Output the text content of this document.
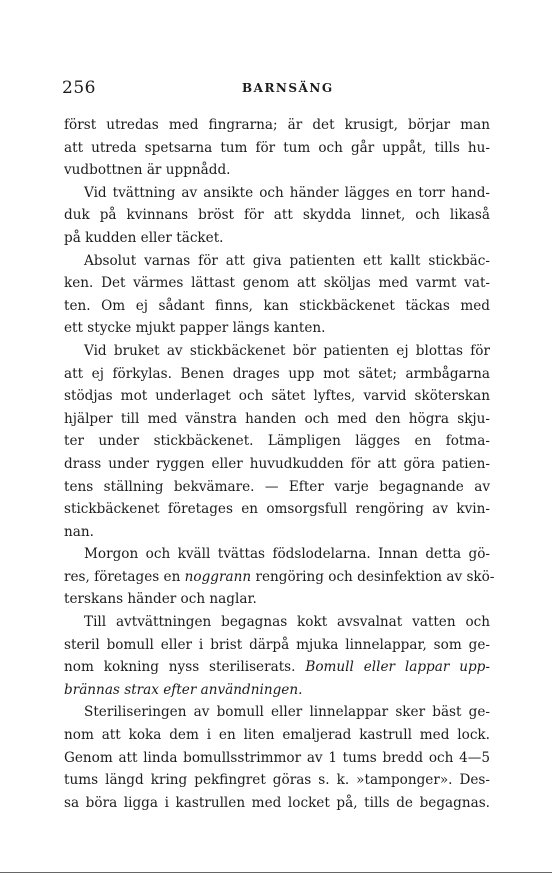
256	BARNSÄNG
först utredas med fingrarna; är det krusigt, börjar man
att utreda spetsarna tum för tum och går uppåt, tills hu-
vudbottnen är uppnådd.
Vid tvättning av ansikte och händer lägges en torr hand-
duk på kvinnans bröst för att skydda linnet, och likaså
på kudden eller täcket.
Absolut varnas för att giva patienten ett kallt stickbäc-
ken. Det värmes lättast genom att sköljas med varmt vat-
ten. Om ej sådant finns, kan stickbäckenet täckas med
ett stycke mjukt papper längs kanten.
Vid bruket av stickbäckenet bör patienten ej blottas för
att ej förkylas. Benen drages upp mot sätet; armbågarna
stödjas mot underlaget och sätet lyftes, varvid sköterskan
hjälper till med vänstra handen och med den högra skju-
ter under stickbäckenet. Lämpligen lägges en fotma-
drass under ryggen eller huvudkudden för att göra patien-
tens ställning bekvämare. — Efter varje begagnande av
stickbäckenet företages en omsorgsfull rengöring av kvin-
nan.
Morgon och kväll tvättas födslodelarna. Innan detta gö-
res, företages en noggrann rengöring och desinfektion av skö-
terskans händer och naglar.
Till avtvättningen begagnas kokt avsvalnat vatten och
steril bomull eller i brist därpå mjuka linnelappar, som ge-
nom kokning nyss steriliserats. Bomull eller lappar upp-
brännas strax efter användningen.
Steriliseringen av bomull eller linnelappar sker bäst ge-
nom att koka dem i en liten emaljerad kastrull med lock.
Genom att linda bomullsstrimmor av 1 tums bredd och 4—5
tums längd kring pekfingret göras s. k. »tamponger». Des-
sa böra ligga i kastrullen med locket på, tills de begagnas.
